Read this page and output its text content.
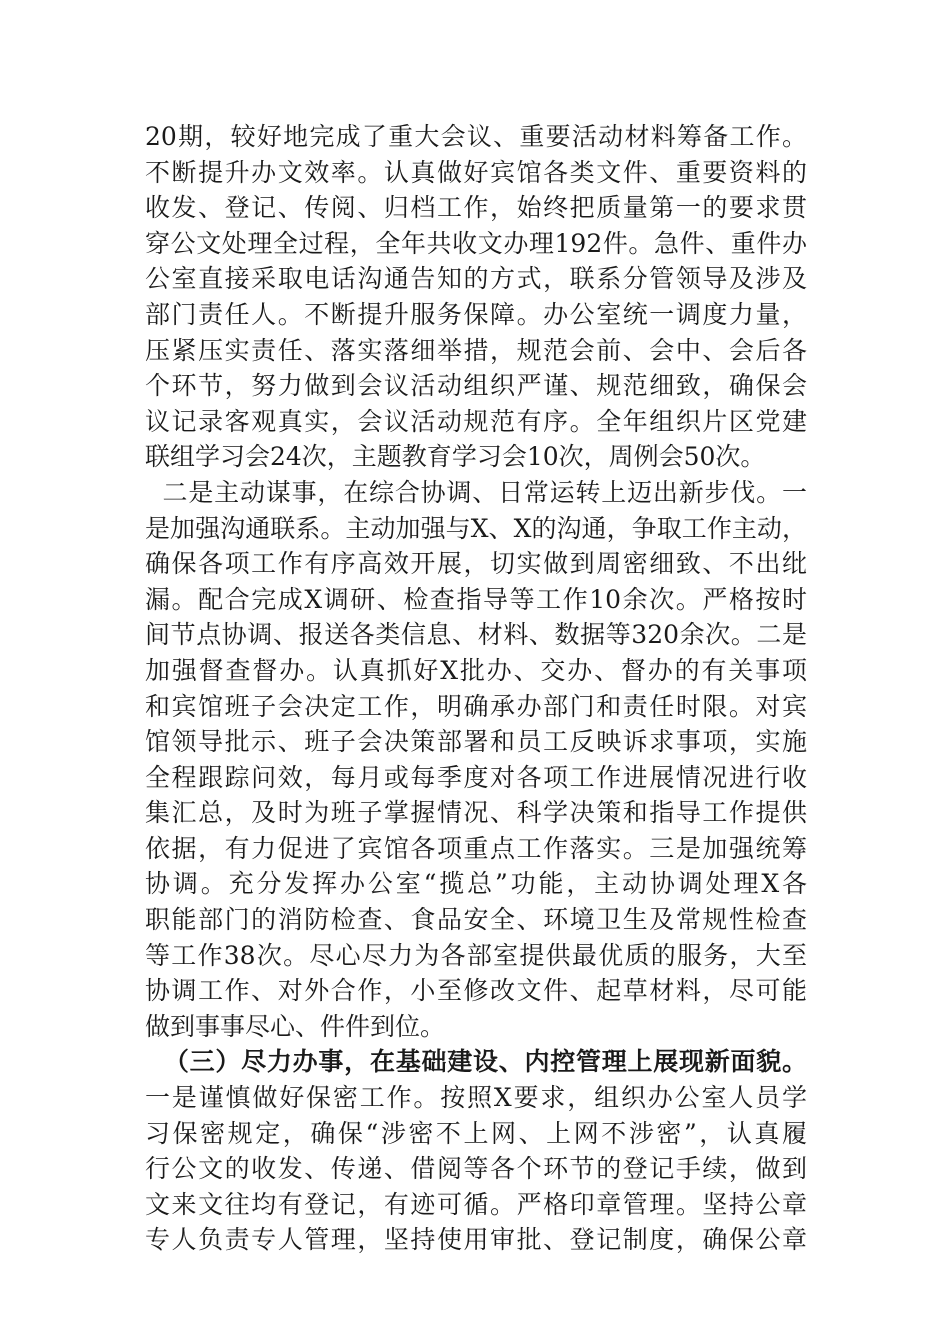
20期，较好地完成了重大会议、重要活动材料筹备工作。
不断提升办文效率。认真做好宾馆各类文件、重要资料的
收发、登记、传阅、归档工作，始终把质量第一的要求贯
穿公文处理全过程，全年共收文办理192件。急件、重件办
公室直接采取电话沟通告知的方式，联系分管领导及涉及
部门责任人。不断提升服务保障。办公室统一调度力量，
压紧压实责任、落实落细举措，规范会前、会中、会后各
个环节，努力做到会议活动组织严谨、规范细致，确保会
议记录客观真实，会议活动规范有序。全年组织片区党建
联组学习会24次，主题教育学习会10次，周例会50次。
二是主动谋事，在综合协调、日常运转上迈出新步伐。一
是加强沟通联系。主动加强与X、X的沟通，争取工作主动，
确保各项工作有序高效开展，切实做到周密细致、不出纰
漏。配合完成X调研、检查指导等工作10余次。严格按时
间节点协调、报送各类信息、材料、数据等320余次。二是
加强督查督办。认真抓好X批办、交办、督办的有关事项
和宾馆班子会决定工作，明确承办部门和责任时限。对宾
馆领导批示、班子会决策部署和员工反映诉求事项，实施
全程跟踪问效，每月或每季度对各项工作进展情况进行收
集汇总，及时为班子掌握情况、科学决策和指导工作提供
依据，有力促进了宾馆各项重点工作落实。三是加强统筹
协调。充分发挥办公室“揽总”功能，主动协调处理X各
职能部门的消防检查、食品安全、环境卫生及常规性检查
等工作38次。尽心尽力为各部室提供最优质的服务，大至
协调工作、对外合作，小至修改文件、起草材料，尽可能
做到事事尽心、件件到位。
（三）尽力办事，在基础建设、内控管理上展现新面貌。
一是谨慎做好保密工作。按照X要求，组织办公室人员学
习保密规定，确保“涉密不上网、上网不涉密”，认真履
行公文的收发、传递、借阅等各个环节的登记手续，做到
文来文往均有登记，有迹可循。严格印章管理。坚持公章
专人负责专人管理，坚持使用审批、登记制度，确保公章
